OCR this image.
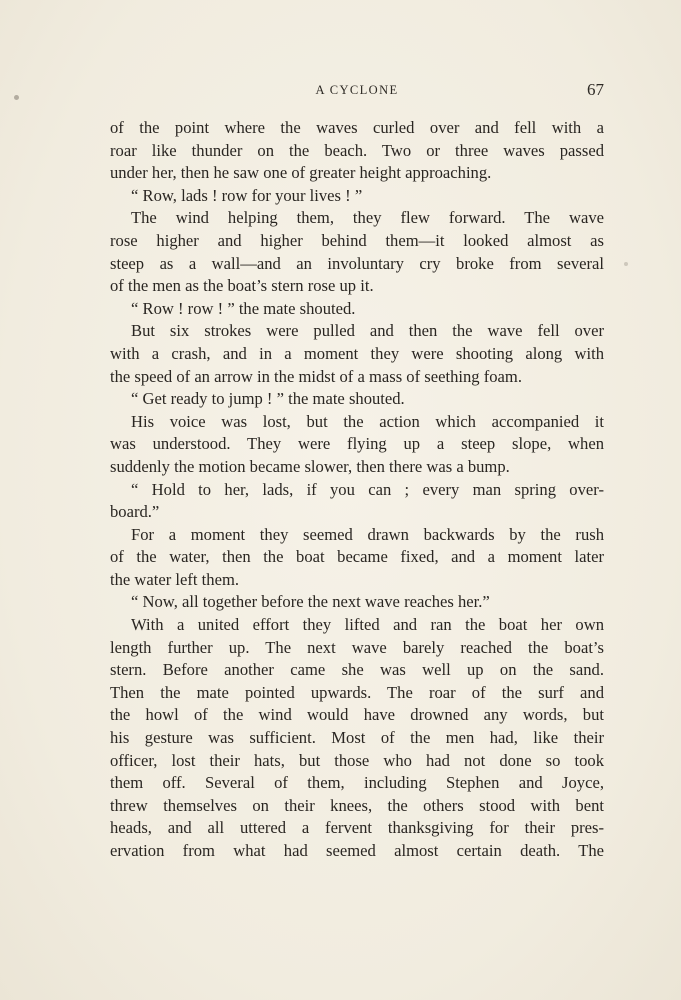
A CYCLONE	67
of the point where the waves curled over and fell with a
roar like thunder on the beach. Two or three waves passed
under her, then he saw one of greater height approaching.
“ Row, lads ! row for your lives ! ”
The wind helping them, they flew forward. The wave
rose higher and higher behind them—it looked almost as
steep as a wall—and an involuntary cry broke from several
of the men as the boat’s stern rose up it.
“ Row ! row ! ” the mate shouted.
But six strokes were pulled and then the wave fell over
with a crash, and in a moment they were shooting along with
the speed of an arrow in the midst of a mass of seething foam.
“ Get ready to jump ! ” the mate shouted.
His voice was lost, but the action which accompanied it
was understood. They were flying up a steep slope, when
suddenly the motion became slower, then there was a bump.
“ Hold to her, lads, if you can ; every man spring over-
board.”
For a moment they seemed drawn backwards by the rush
of the water, then the boat became fixed, and a moment later
the water left them.
“ Now, all together before the next wave reaches her.”
With a united effort they lifted and ran the boat her own
length further up. The next wave barely reached the boat’s
stern. Before another came she was well up on the sand.
Then the mate pointed upwards. The roar of the surf and
the howl of the wind would have drowned any words, but
his gesture was sufficient. Most of the men had, like their
officer, lost their hats, but those who had not done so took
them off. Several of them, including Stephen and Joyce,
threw themselves on their knees, the others stood with bent
heads, and all uttered a fervent thanksgiving for their pres-
ervation from what had seemed almost certain death. The
